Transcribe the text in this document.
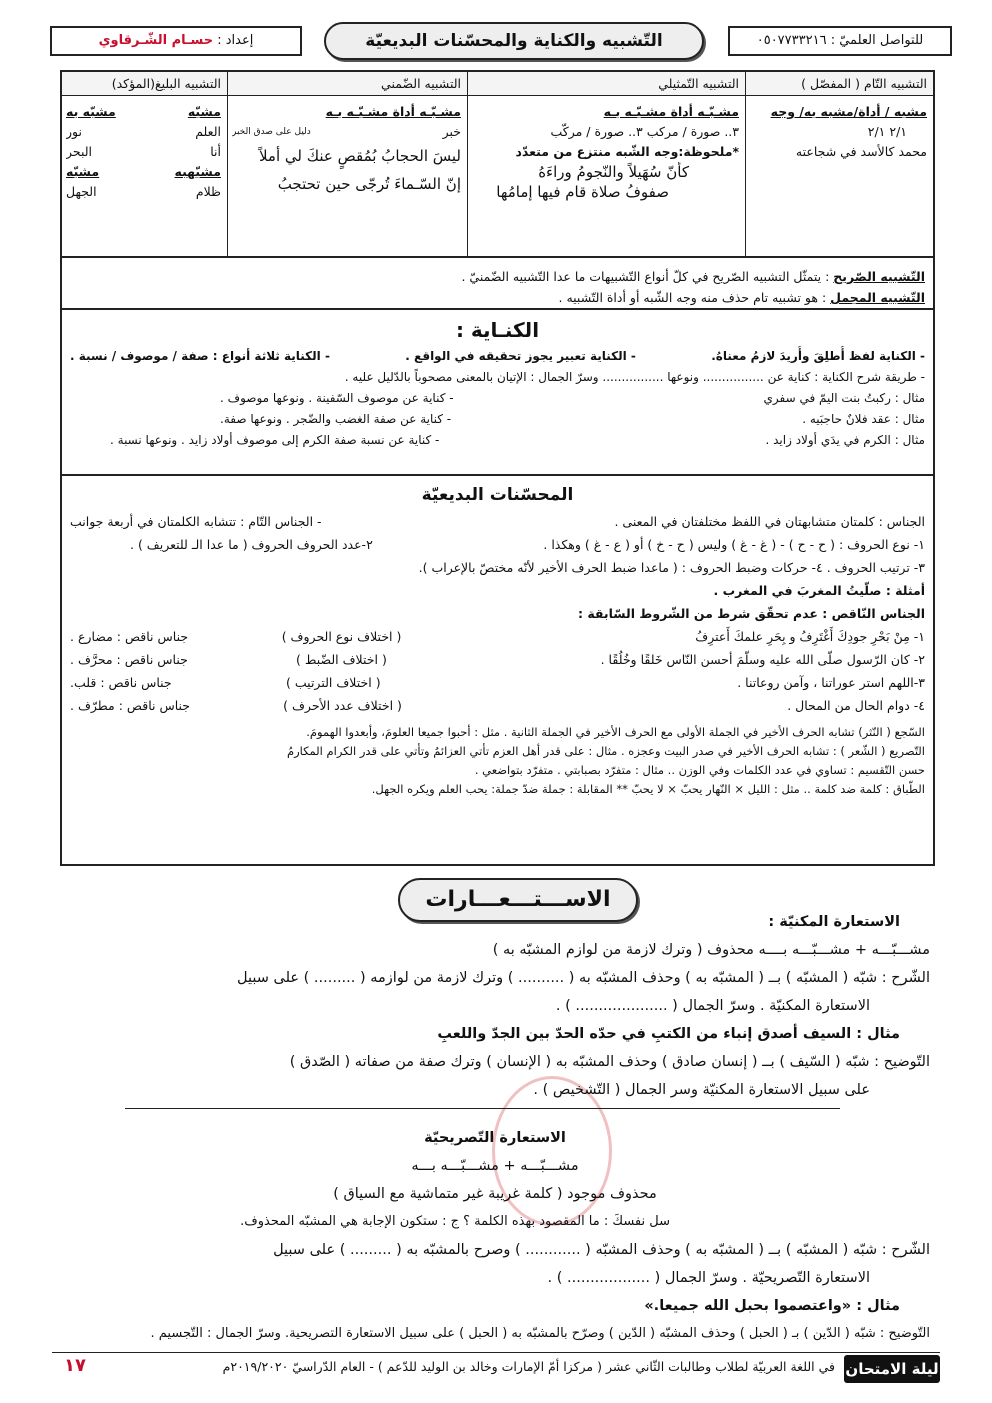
للتواصل العلميّ : ٠٥٠٧٧٣٣٢١٦
التّشبيه والكناية والمحسّنات البديعيّة
إعداد : حسـام الشّـرقاوي
التشبيه التّام ( المفصّل )
مشبه / أداة/مشبه به/ وجه
٢/١ ٢/١
محمد كالأسد في شجاعته
التشبيه التّمثيلي
مشـبّـه أداة مشـبّـه بـه
٣.. صورة / مركب ٣.. صورة / مركّب
*ملحوظة:وجه الشّبه منتزع من متعدّد
كأنّ سُهَيلاً والنّجومُ وراءَهُ
صفوفُ صلاة قام فيها إمامُها
التشبيه الضّمني
مشـبّـه أداة مشـبّـه بـه
خبر
دليل على صدق الخبر
ليسَ الحجابُ بُمُقصٍ عنكَ لي أملاً
إنّ السّـماءَ تُرجّى حين تحتجبُ
التشبيه البليغ(المؤكد)
مشبّه
مشبّه به
العلم
نور
أنا
البحر
مشبّهبه
مشبّه
ظلام
الجهل
التّشبيه الصّريح : يتمثّل التشبيه الصّريح في كلّ أنواع التّشبيهات ما عدا التّشبيه الضّمنيّ .
التّشبيه المجمل : هو تشبيه تام حذف منه وجه الشّبه أو أداة التّشبيه .
الكنـاية :
- الكناية لفظ أُطلِقَ وأُريدَ لازمُ معناهُ.
- الكناية تعبير يجوز تحقيقه في الواقع .
- الكناية ثلاثة أنواع : صفة / موصوف / نسبة .
- طريقة شرح الكناية : كناية عن ................ ونوعها ................ وسرّ الجمال : الإتيان بالمعنى مصحوباً بالدّليل عليه .
مثال : ركبتُ بنت اليمّ في سفري
- كناية عن موصوف السّفينة . ونوعها موصوف .
مثال : عقد فلانٌ حاجبَيه .
- كناية عن صفة الغضب والضّجر . ونوعها صفة.
مثال : الكرم في يدَي أولاد زايد .
- كناية عن نسبة صفة الكرم إلى موصوف أولاد زايد . ونوعها نسبة .
المحسّنات البديعيّة
الجناس : كلمتان متشابهتان في اللفظ مختلفتان في المعنى .
- الجناس التّام : تتشابه الكلمتان في أربعة جوانب
١- نوع الحروف : ( ح - ح ) - ( غ - غ ) وليس ( ح - خ ) أو ( ع - غ ) وهكذا .
٢-عدد الحروف الحروف ( ما عدا الـ للتعريف ) .
٣- ترتيب الحروف . ٤- حركات وضبط الحروف : ( ماعدا ضبط الحرف الأخير لأنّه مختصّ بالإعراب ).
أمثلة : صلّيتُ المغربَ في المغرب .
الجناس النّاقص : عدم تحقّق شرط من الشّروط السّابقة :
١- مِنْ بَحْرِ جودِكَ أَغْتَرِفُ و بِحَرِ علمكَ أَعترِفُ
( اختلاف نوع الحروف )
جناس ناقص : مضارع .
٢- كان الرّسول صلّى الله عليه وسلّمَ أحسن النّاس خَلقًا وخُلُقًا .
( اختلاف الضّبط )
جناس ناقص : محرَّف .
٣-اللهم استر عوراتنا ، وآمن روعاتنا .
( اختلاف الترتيب )
جناس ناقص : قلب.
٤- دوام الحال من المحال .
( اختلاف عدد الأحرف )
جناس ناقص : مطرّف .
السّجع ( النّثر) تشابه الحرف الأخير في الجملة الأولى مع الحرف الأخير في الجملة الثانية . مثل : أحبوا جميعا العلومَ، وأبعدوا الهمومَ.
التّصريع ( الشّعر ) : تشابه الحرف الأخير في صدر البيت وعجزه . مثال : على قدر أهل العزم تأتي العزائمُ وتأتي على قدر الكرام المكارمُ
حسن التّقسيم : تساوي في عدد الكلمات وفي الوزن .. مثال : متفرّد بصبابتي . متفرّد بتواضعي .
الطّباق : كلمة ضد كلمة .. مثل : الليل × النّهار يحبّ × لا يحبّ ** المقابلة : جملة ضدّ جملة: يحب العلم ويكره الجهل.
الاســـتـــعـــارات
الاستعارة المكنيّة :
مشـــبّـــه + مشـــبّـــه بــــه محذوف ( وترك لازمة من لوازم المشبّه به )
الشّرح : شبّه ( المشبّه ) بــ ( المشبّه به ) وحذف المشبّه به ( .......... ) وترك لازمة من لوازمه ( ......... ) على سبيل
الاستعارة المكنيّة . وسرّ الجمال ( .................... ) .
مثال : السيف أصدق إنباء من الكتبِ في حدّه الحدّ بين الجدّ واللعبِ
التّوضيح : شبّه ( السّيف ) بــ ( إنسان صادق ) وحذف المشبّه به ( الإنسان ) وترك صفة من صفاته ( الصّدق )
على سبيل الاستعارة المكنيّة وسر الجمال ( التّشخيص ) .
الاستعارة التّصريحيّة
مشـــبّـــه + مشـــبّـــه بـــه
محذوف موجود ( كلمة غريبة غير متماشية مع السياق )
سل نفسكَ : ما المقصود بهذه الكلمة ؟ ج : ستكون الإجابة هي المشبّه المحذوف.
الشّرح : شبّه ( المشبّه ) بــ ( المشبّه به ) وحذف المشبّه ( ............ ) وصرح بالمشبّه به ( ......... ) على سبيل
الاستعارة التّصريحيّة . وسرّ الجمال ( .................. ) .
مثال : «واعتصموا بحبل الله جميعا.»
التّوضيح : شبّه ( الدّين ) بـ ( الحبل ) وحذف المشبّه ( الدّين ) وصرّح بالمشبّه به ( الحبل ) على سبيل الاستعارة التصريحية. وسرّ الجمال : التّجسيم .
ليلة الامتحان
في اللغة العربيّة لطلاب وطالبات الثّاني عشر ( مركزا أمّ الإمارات وخالد بن الوليد للدّعم ) - العام الدّراسيّ ٢٠١٩/٢٠٢٠م
١٧
